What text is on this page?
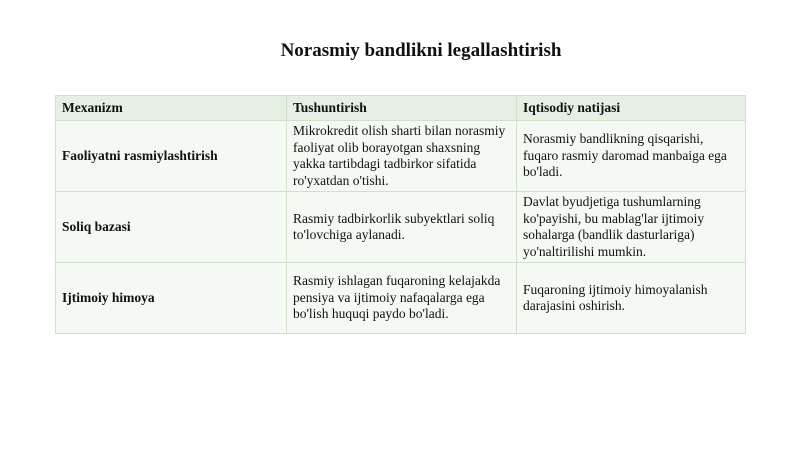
Norasmiy bandlikni legallashtirish
Mexanizm	Tushuntirish	Iqtisodiy natijasi
Faoliyatni rasmiylashtirish	Mikrokredit olish sharti bilan norasmiy faoliyat olib borayotgan shaxsning yakka tartibdagi tadbirkor sifatida ro'yxatdan o'tishi.	Norasmiy bandlikning qisqarishi, fuqaro rasmiy daromad manbaiga ega bo'ladi.
Soliq bazasi	Rasmiy tadbirkorlik subyektlari soliq to'lovchiga aylanadi.	Davlat byudjetiga tushumlarning ko'payishi, bu mablag'lar ijtimoiy sohalarga (bandlik dasturlariga) yo'naltirilishi mumkin.
Ijtimoiy himoya	Rasmiy ishlagan fuqaroning kelajakda pensiya va ijtimoiy nafaqalarga ega bo'lish huquqi paydo bo'ladi.	Fuqaroning ijtimoiy himoyalanish darajasini oshirish.
